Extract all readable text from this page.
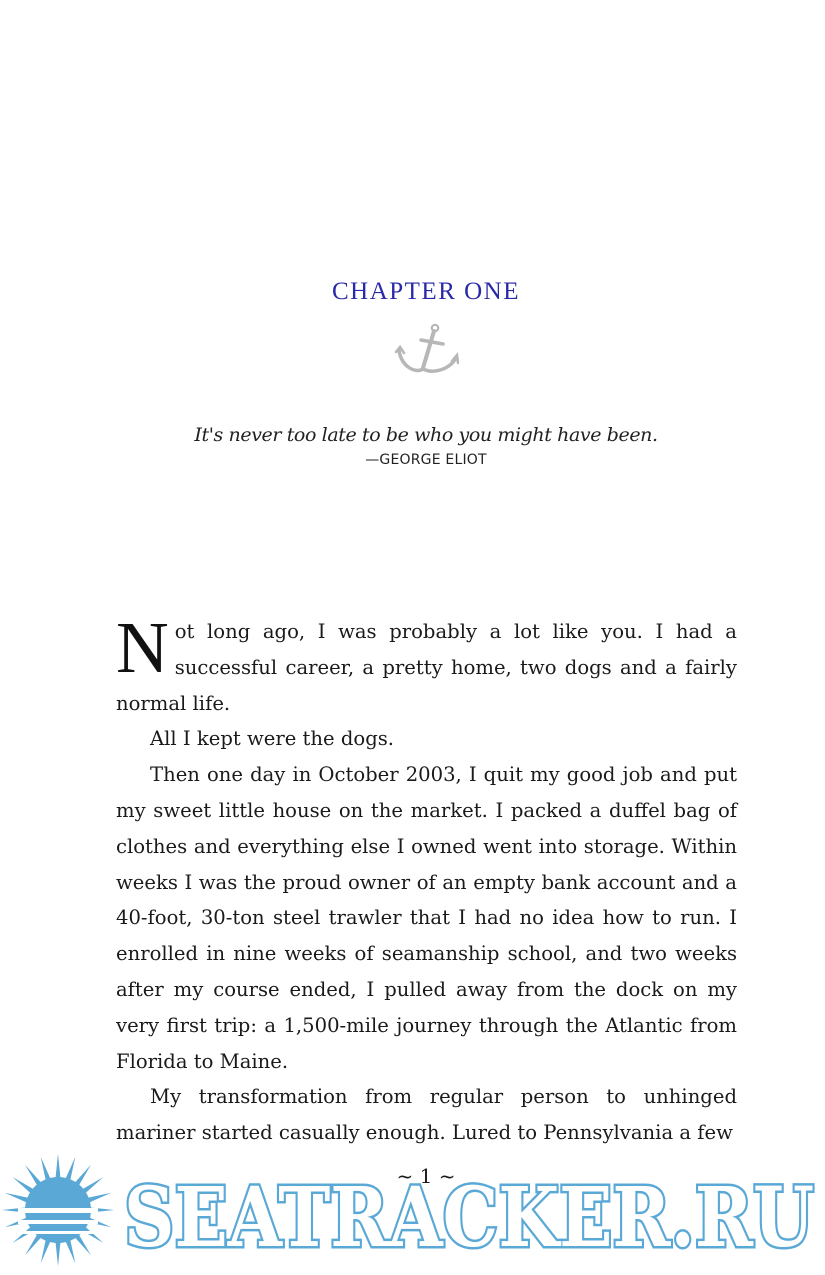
CHAPTER ONE
It's never too late to be who you might have been.
—GEORGE ELIOT

Not long ago, I was probably a lot like you. I had a successful career, a pretty home, two dogs and a fairly normal life.

All I kept were the dogs.

Then one day in October 2003, I quit my good job and put my sweet little house on the market. I packed a duffel bag of clothes and everything else I owned went into storage. Within weeks I was the proud owner of an empty bank account and a 40-foot, 30-ton steel trawler that I had no idea how to run. I enrolled in nine weeks of seamanship school, and two weeks after my course ended, I pulled away from the dock on my very first trip: a 1,500-mile journey through the Atlantic from Florida to Maine.

My transformation from regular person to unhinged mariner started casually enough. Lured to Pennsylvania a few

~ 1 ~
SEATRACKER.RU
